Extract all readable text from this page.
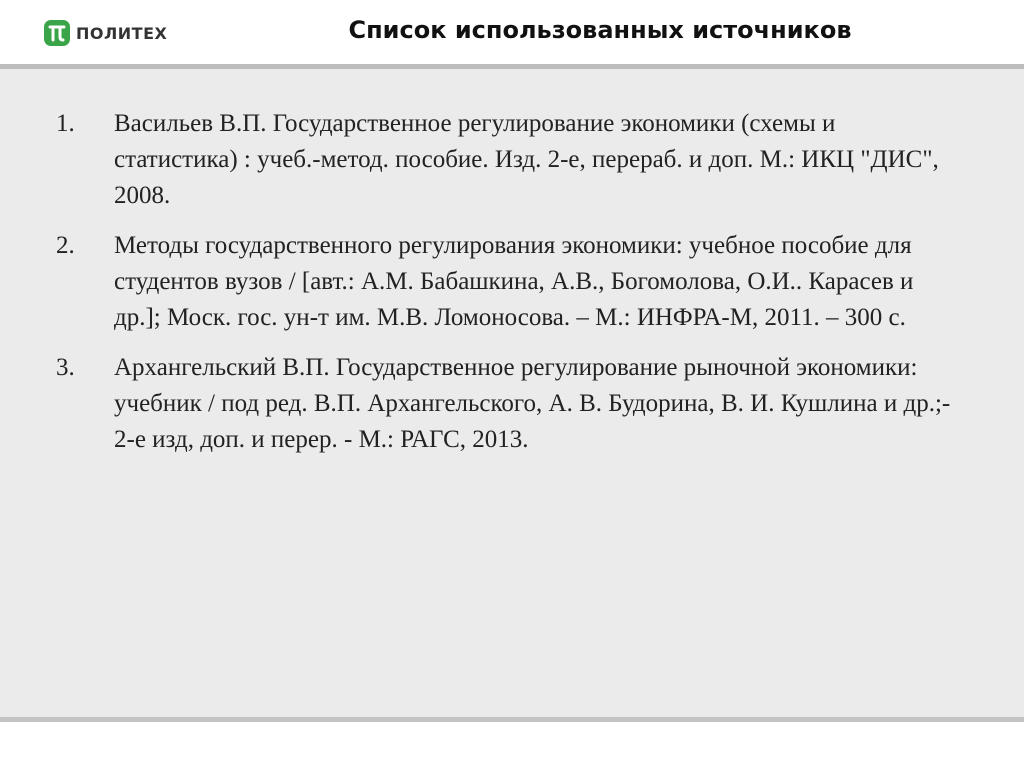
ПОЛИТЕХ	Список использованных источников
1.	Васильев В.П. Государственное регулирование экономики (схемы и статистика) : учеб.-метод. пособие. Изд. 2-е, перераб. и доп. М.: ИКЦ "ДИС", 2008.
2.	Методы государственного регулирования экономики: учебное пособие для студентов вузов / [авт.: А.М. Бабашкина, А.В., Богомолова, О.И.. Карасев и др.]; Моск. гос. ун-т им. М.В. Ломоносова. – М.: ИНФРА-М, 2011. – 300 с.
3.	Архангельский В.П. Государственное регулирование рыночной экономики: учебник / под ред. В.П. Архангельского, А. В. Будорина, В. И. Кушлина и др.;- 2-е изд, доп. и перер. - М.: РАГС, 2013.
